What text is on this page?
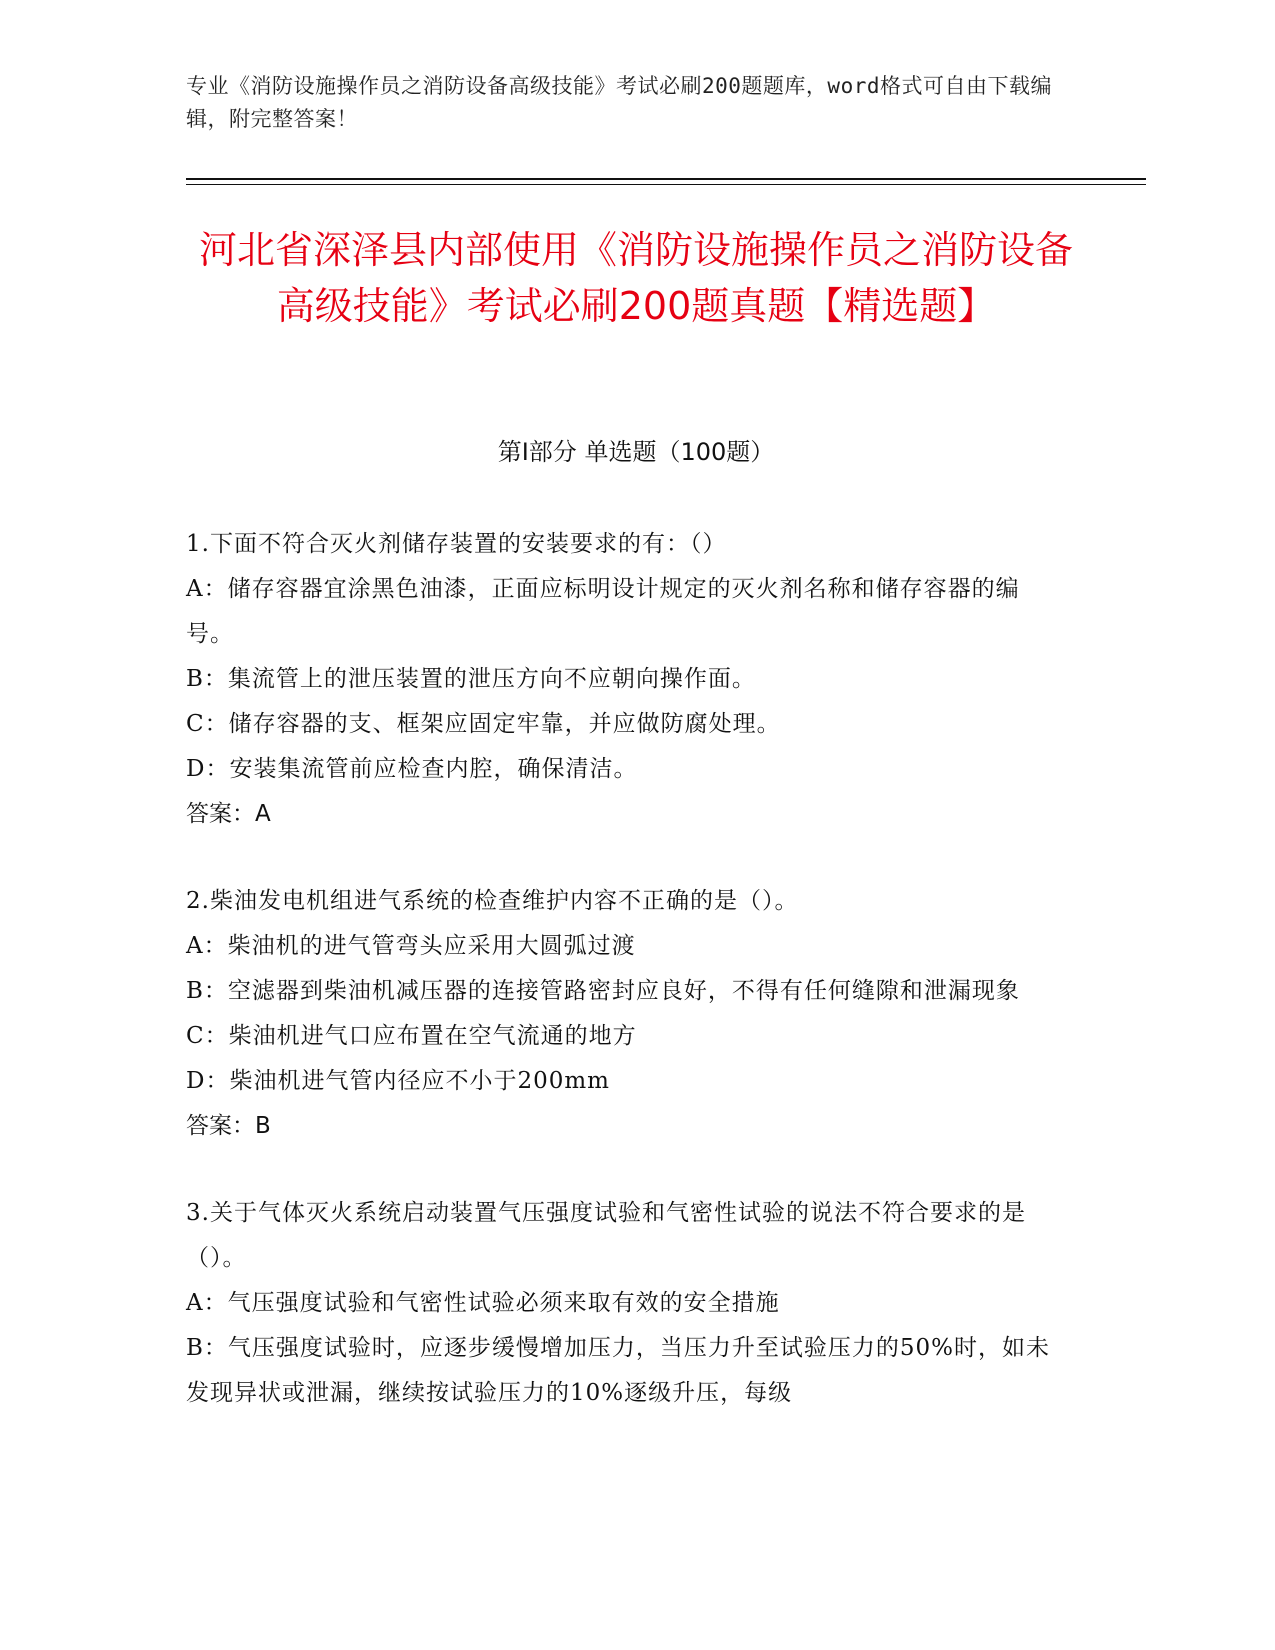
专业《消防设施操作员之消防设备高级技能》考试必刷200题题库，word格式可自由下载编辑，附完整答案！
河北省深泽县内部使用《消防设施操作员之消防设备高级技能》考试必刷200题真题【精选题】
第I部分 单选题（100题）

1.下面不符合灭火剂储存装置的安装要求的有：（）

A：储存容器宜涂黑色油漆，正面应标明设计规定的灭火剂名称和储存容器的编号。

B：集流管上的泄压装置的泄压方向不应朝向操作面。

C：储存容器的支、框架应固定牢靠，并应做防腐处理。

D：安装集流管前应检查内腔，确保清洁。

答案：A

2.柴油发电机组进气系统的检查维护内容不正确的是（）。

A：柴油机的进气管弯头应采用大圆弧过渡

B：空滤器到柴油机减压器的连接管路密封应良好，不得有任何缝隙和泄漏现象

C：柴油机进气口应布置在空气流通的地方

D：柴油机进气管内径应不小于200mm

答案：B

3.关于气体灭火系统启动装置气压强度试验和气密性试验的说法不符合要求的是（）。

A：气压强度试验和气密性试验必须来取有效的安全措施

B：气压强度试验时，应逐步缓慢增加压力，当压力升至试验压力的50%时，如未发现异状或泄漏，继续按试验压力的10%逐级升压，每级
